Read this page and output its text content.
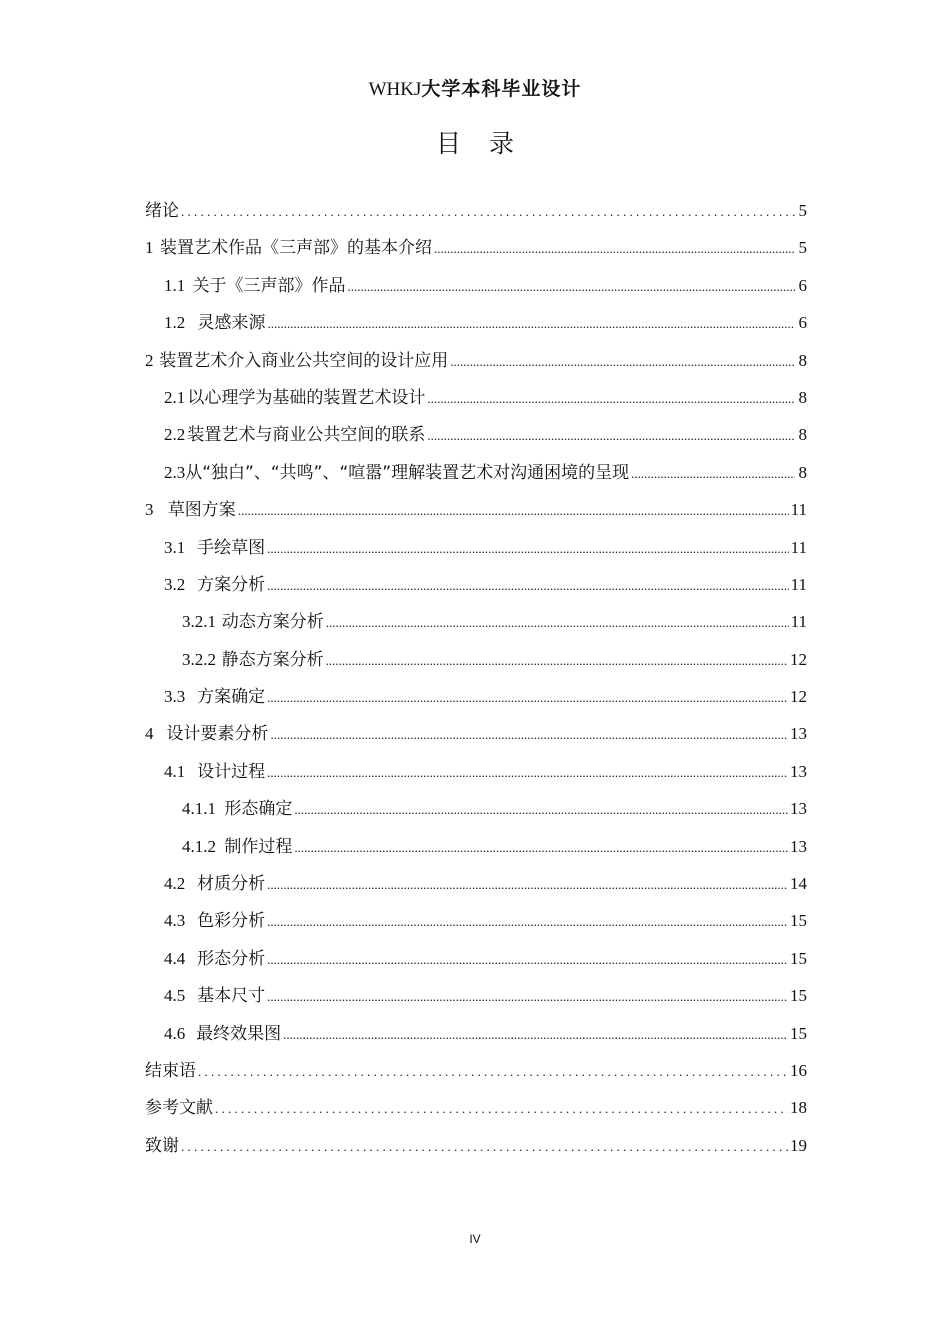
WHKJ大学本科毕业设计
目录
绪论 . . .	5
1 装置艺术作品《三声部》的基本介绍 .....	5
1.1 关于《三声部》作品 .....	6
1.2 灵感来源 .....	6
2 装置艺术介入商业公共空间的设计应用 .....	8
2.1 以心理学为基础的装置艺术设计 .....	8
2.2 装置艺术与商业公共空间的联系 .....	8
2.3 从“独白”、“共鸣”、“喧嚣”理解装置艺术对沟通困境的呈现 .....	8
3 草图方案 .....	11
3.1 手绘草图 .....	11
3.2 方案分析 .....	11
3.2.1 动态方案分析 .....	11
3.2.2 静态方案分析 .....	12
3.3 方案确定 .....	12
4 设计要素分析 .....	13
4.1 设计过程 .....	13
4.1.1 形态确定 .....	13
4.1.2 制作过程 .....	13
4.2 材质分析 .....	14
4.3 色彩分析 .....	15
4.4 形态分析 .....	15
4.5 基本尺寸 .....	15
4.6 最终效果图 .....	15
结束语 . . .	16
参考文献 . . .	18
致谢 . . .	19
IV
